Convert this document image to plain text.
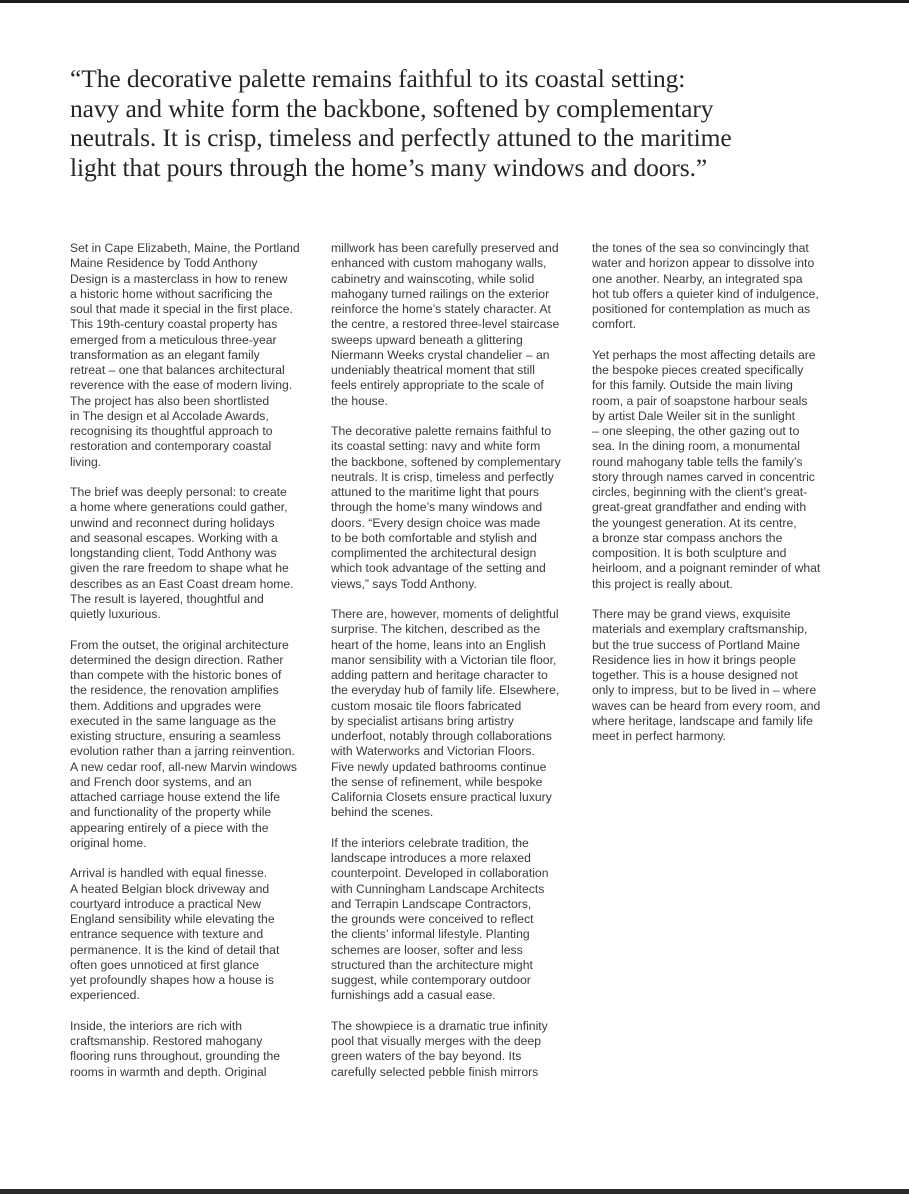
“The decorative palette remains faithful to its coastal setting:
navy and white form the backbone, softened by complementary
neutrals. It is crisp, timeless and perfectly attuned to the maritime
light that pours through the home’s many windows and doors.”

Set in Cape Elizabeth, Maine, the Portland
Maine Residence by Todd Anthony
Design is a masterclass in how to renew
a historic home without sacrificing the
soul that made it special in the first place.
This 19th-century coastal property has
emerged from a meticulous three-year
transformation as an elegant family
retreat – one that balances architectural
reverence with the ease of modern living.
The project has also been shortlisted
in The design et al Accolade Awards,
recognising its thoughtful approach to
restoration and contemporary coastal
living.

The brief was deeply personal: to create
a home where generations could gather,
unwind and reconnect during holidays
and seasonal escapes. Working with a
longstanding client, Todd Anthony was
given the rare freedom to shape what he
describes as an East Coast dream home.
The result is layered, thoughtful and
quietly luxurious.

From the outset, the original architecture
determined the design direction. Rather
than compete with the historic bones of
the residence, the renovation amplifies
them. Additions and upgrades were
executed in the same language as the
existing structure, ensuring a seamless
evolution rather than a jarring reinvention.
A new cedar roof, all-new Marvin windows
and French door systems, and an
attached carriage house extend the life
and functionality of the property while
appearing entirely of a piece with the
original home.

Arrival is handled with equal finesse.
A heated Belgian block driveway and
courtyard introduce a practical New
England sensibility while elevating the
entrance sequence with texture and
permanence. It is the kind of detail that
often goes unnoticed at first glance
yet profoundly shapes how a house is
experienced.

Inside, the interiors are rich with
craftsmanship. Restored mahogany
flooring runs throughout, grounding the
rooms in warmth and depth. Original

millwork has been carefully preserved and
enhanced with custom mahogany walls,
cabinetry and wainscoting, while solid
mahogany turned railings on the exterior
reinforce the home’s stately character. At
the centre, a restored three-level staircase
sweeps upward beneath a glittering
Niermann Weeks crystal chandelier – an
undeniably theatrical moment that still
feels entirely appropriate to the scale of
the house.

The decorative palette remains faithful to
its coastal setting: navy and white form
the backbone, softened by complementary
neutrals. It is crisp, timeless and perfectly
attuned to the maritime light that pours
through the home’s many windows and
doors. “Every design choice was made
to be both comfortable and stylish and
complimented the architectural design
which took advantage of the setting and
views,” says Todd Anthony.

There are, however, moments of delightful
surprise. The kitchen, described as the
heart of the home, leans into an English
manor sensibility with a Victorian tile floor,
adding pattern and heritage character to
the everyday hub of family life. Elsewhere,
custom mosaic tile floors fabricated
by specialist artisans bring artistry
underfoot, notably through collaborations
with Waterworks and Victorian Floors.
Five newly updated bathrooms continue
the sense of refinement, while bespoke
California Closets ensure practical luxury
behind the scenes.

If the interiors celebrate tradition, the
landscape introduces a more relaxed
counterpoint. Developed in collaboration
with Cunningham Landscape Architects
and Terrapin Landscape Contractors,
the grounds were conceived to reflect
the clients’ informal lifestyle. Planting
schemes are looser, softer and less
structured than the architecture might
suggest, while contemporary outdoor
furnishings add a casual ease.

The showpiece is a dramatic true infinity
pool that visually merges with the deep
green waters of the bay beyond. Its
carefully selected pebble finish mirrors

the tones of the sea so convincingly that
water and horizon appear to dissolve into
one another. Nearby, an integrated spa
hot tub offers a quieter kind of indulgence,
positioned for contemplation as much as
comfort.

Yet perhaps the most affecting details are
the bespoke pieces created specifically
for this family. Outside the main living
room, a pair of soapstone harbour seals
by artist Dale Weiler sit in the sunlight
– one sleeping, the other gazing out to
sea. In the dining room, a monumental
round mahogany table tells the family’s
story through names carved in concentric
circles, beginning with the client’s great-
great-great grandfather and ending with
the youngest generation. At its centre,
a bronze star compass anchors the
composition. It is both sculpture and
heirloom, and a poignant reminder of what
this project is really about.

There may be grand views, exquisite
materials and exemplary craftsmanship,
but the true success of Portland Maine
Residence lies in how it brings people
together. This is a house designed not
only to impress, but to be lived in – where
waves can be heard from every room, and
where heritage, landscape and family life
meet in perfect harmony.
